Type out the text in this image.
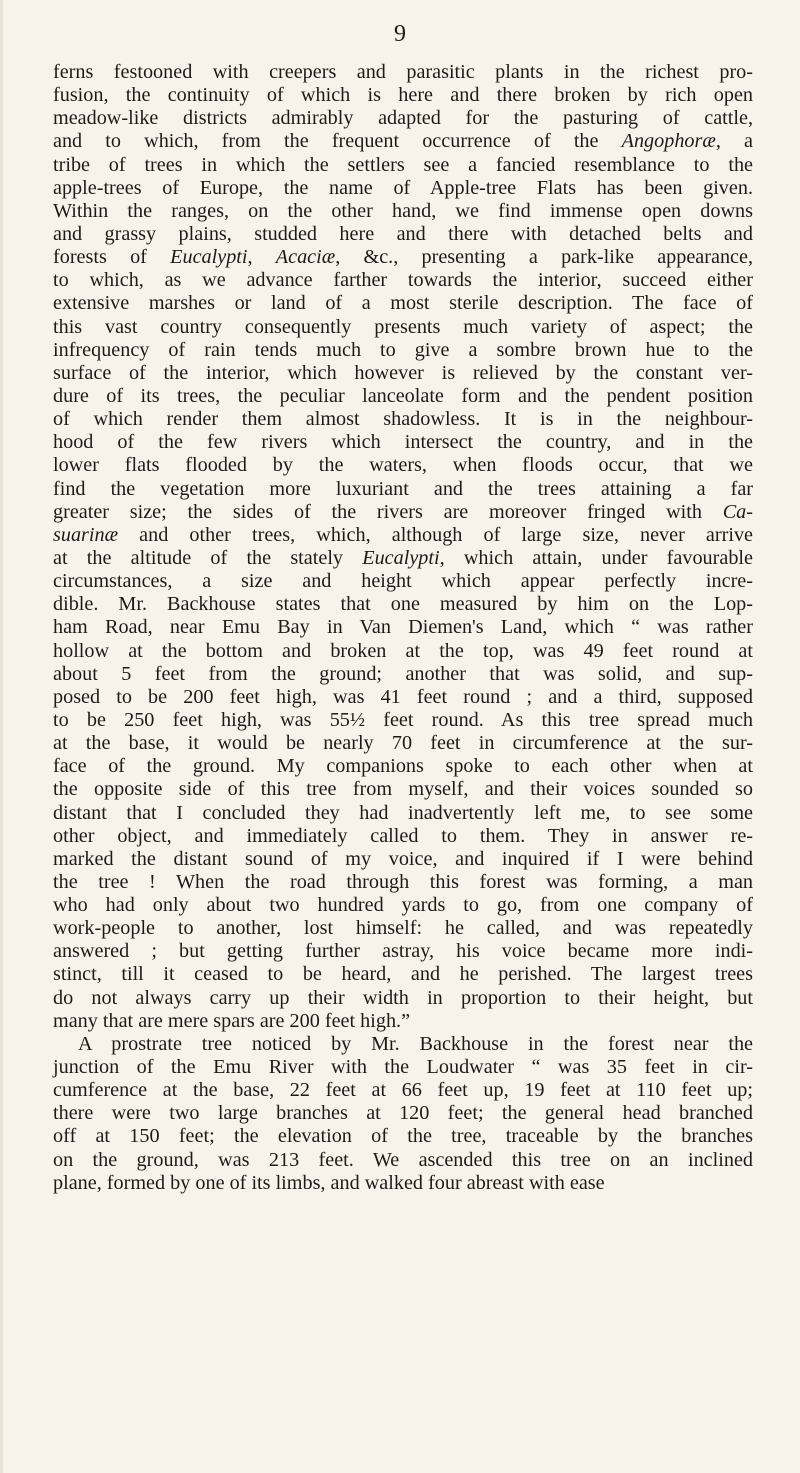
9
ferns festooned with creepers and parasitic plants in the richest pro-
fusion, the continuity of which is here and there broken by rich open
meadow-like districts admirably adapted for the pasturing of cattle,
and to which, from the frequent occurrence of the Angophoræ, a
tribe of trees in which the settlers see a fancied resemblance to the
apple-trees of Europe, the name of Apple-tree Flats has been given.
Within the ranges, on the other hand, we find immense open downs
and grassy plains, studded here and there with detached belts and
forests of Eucalypti, Acaciæ, &c., presenting a park-like appearance,
to which, as we advance farther towards the interior, succeed either
extensive marshes or land of a most sterile description. The face of
this vast country consequently presents much variety of aspect; the
infrequency of rain tends much to give a sombre brown hue to the
surface of the interior, which however is relieved by the constant ver-
dure of its trees, the peculiar lanceolate form and the pendent position
of which render them almost shadowless. It is in the neighbour-
hood of the few rivers which intersect the country, and in the
lower flats flooded by the waters, when floods occur, that we
find the vegetation more luxuriant and the trees attaining a far
greater size; the sides of the rivers are moreover fringed with Ca-
suarinæ and other trees, which, although of large size, never arrive
at the altitude of the stately Eucalypti, which attain, under favourable
circumstances, a size and height which appear perfectly incre-
dible. Mr. Backhouse states that one measured by him on the Lop-
ham Road, near Emu Bay in Van Diemen's Land, which “ was rather
hollow at the bottom and broken at the top, was 49 feet round at
about 5 feet from the ground; another that was solid, and sup-
posed to be 200 feet high, was 41 feet round ; and a third, supposed
to be 250 feet high, was 55½ feet round. As this tree spread much
at the base, it would be nearly 70 feet in circumference at the sur-
face of the ground. My companions spoke to each other when at
the opposite side of this tree from myself, and their voices sounded so
distant that I concluded they had inadvertently left me, to see some
other object, and immediately called to them. They in answer re-
marked the distant sound of my voice, and inquired if I were behind
the tree ! When the road through this forest was forming, a man
who had only about two hundred yards to go, from one company of
work-people to another, lost himself: he called, and was repeatedly
answered ; but getting further astray, his voice became more indi-
stinct, till it ceased to be heard, and he perished. The largest trees
do not always carry up their width in proportion to their height, but
many that are mere spars are 200 feet high.”
A prostrate tree noticed by Mr. Backhouse in the forest near the
junction of the Emu River with the Loudwater “ was 35 feet in cir-
cumference at the base, 22 feet at 66 feet up, 19 feet at 110 feet up;
there were two large branches at 120 feet; the general head branched
off at 150 feet; the elevation of the tree, traceable by the branches
on the ground, was 213 feet. We ascended this tree on an inclined
plane, formed by one of its limbs, and walked four abreast with ease
